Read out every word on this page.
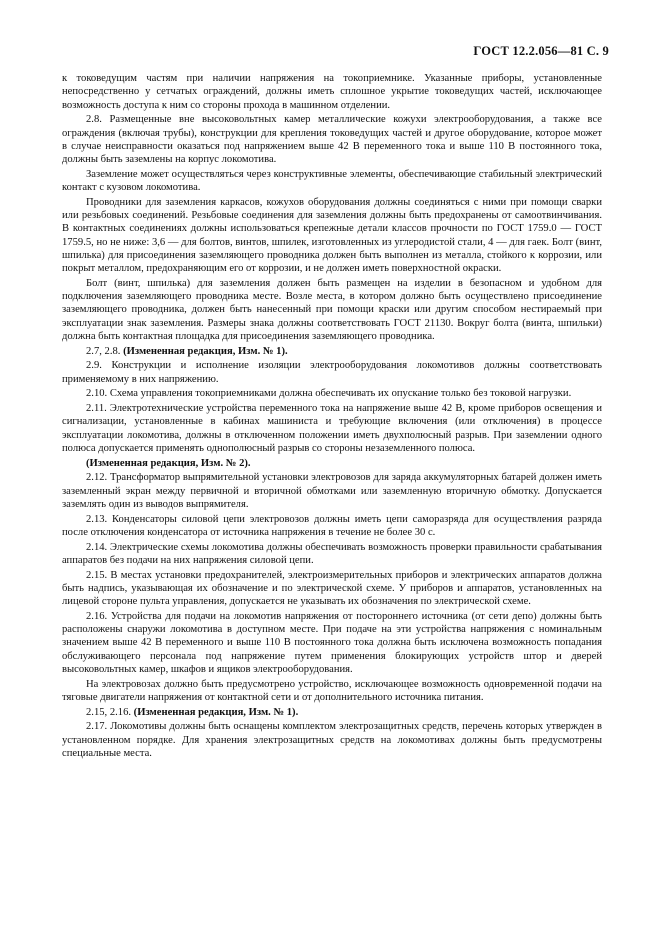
ГОСТ 12.2.056—81 С. 9

к токоведущим частям при наличии напряжения на токоприемнике. Указанные приборы, установленные непосредственно у сетчатых ограждений, должны иметь сплошное укрытие токоведущих частей, исключающее возможность доступа к ним со стороны прохода в машинном отделении.

2.8. Размещенные вне высоковольтных камер металлические кожухи электрооборудования, а также все ограждения (включая трубы), конструкции для крепления токоведущих частей и другое оборудование, которое может в случае неисправности оказаться под напряжением выше 42 В переменного тока и выше 110 В постоянного тока, должны быть заземлены на корпус локомотива.

Заземление может осуществляться через конструктивные элементы, обеспечивающие стабильный электрический контакт с кузовом локомотива.

Проводники для заземления каркасов, кожухов оборудования должны соединяться с ними при помощи сварки или резьбовых соединений. Резьбовые соединения для заземления должны быть предохранены от самоотвинчивания. В контактных соединениях должны использоваться крепежные детали классов прочности по ГОСТ 1759.0 — ГОСТ 1759.5, но не ниже: 3,6 — для болтов, винтов, шпилек, изготовленных из углеродистой стали, 4 — для гаек. Болт (винт, шпилька) для присоединения заземляющего проводника должен быть выполнен из металла, стойкого к коррозии, или покрыт металлом, предохраняющим его от коррозии, и не должен иметь поверхностной окраски.

Болт (винт, шпилька) для заземления должен быть размещен на изделии в безопасном и удобном для подключения заземляющего проводника месте. Возле места, в котором должно быть осуществлено присоединение заземляющего проводника, должен быть нанесенный при помощи краски или другим способом нестираемый при эксплуатации знак заземления. Размеры знака должны соответствовать ГОСТ 21130. Вокруг болта (винта, шпильки) должна быть контактная площадка для присоединения заземляющего проводника.

2.7, 2.8. (Измененная редакция, Изм. № 1).

2.9. Конструкции и исполнение изоляции электрооборудования локомотивов должны соответствовать применяемому в них напряжению.

2.10. Схема управления токоприемниками должна обеспечивать их опускание только без токовой нагрузки.

2.11. Электротехнические устройства переменного тока на напряжение выше 42 В, кроме приборов освещения и сигнализации, установленные в кабинах машиниста и требующие включения (или отключения) в процессе эксплуатации локомотива, должны в отключенном положении иметь двухполюсный разрыв. При заземлении одного полюса допускается применять однополюсный разрыв со стороны незаземленного полюса.

(Измененная редакция, Изм. № 2).

2.12. Трансформатор выпрямительной установки электровозов для заряда аккумуляторных батарей должен иметь заземленный экран между первичной и вторичной обмотками или заземленную вторичную обмотку. Допускается заземлять один из выводов выпрямителя.

2.13. Конденсаторы силовой цепи электровозов должны иметь цепи саморазряда для осуществления разряда после отключения конденсатора от источника напряжения в течение не более 30 с.

2.14. Электрические схемы локомотива должны обеспечивать возможность проверки правильности срабатывания аппаратов без подачи на них напряжения силовой цепи.

2.15. В местах установки предохранителей, электроизмерительных приборов и электрических аппаратов должна быть надпись, указывающая их обозначение и по электрической схеме. У приборов и аппаратов, установленных на лицевой стороне пульта управления, допускается не указывать их обозначения по электрической схеме.

2.16. Устройства для подачи на локомотив напряжения от постороннего источника (от сети депо) должны быть расположены снаружи локомотива в доступном месте. При подаче на эти устройства напряжения с номинальным значением выше 42 В переменного и выше 110 В постоянного тока должна быть исключена возможность попадания обслуживающего персонала под напряжение путем применения блокирующих устройств штор и дверей высоковольтных камер, шкафов и ящиков электрооборудования.

На электровозах должно быть предусмотрено устройство, исключающее возможность одновременной подачи на тяговые двигатели напряжения от контактной сети и от дополнительного источника питания.

2.15, 2.16. (Измененная редакция, Изм. № 1).

2.17. Локомотивы должны быть оснащены комплектом электрозащитных средств, перечень которых утвержден в установленном порядке. Для хранения электрозащитных средств на локомотивах должны быть предусмотрены специальные места.
